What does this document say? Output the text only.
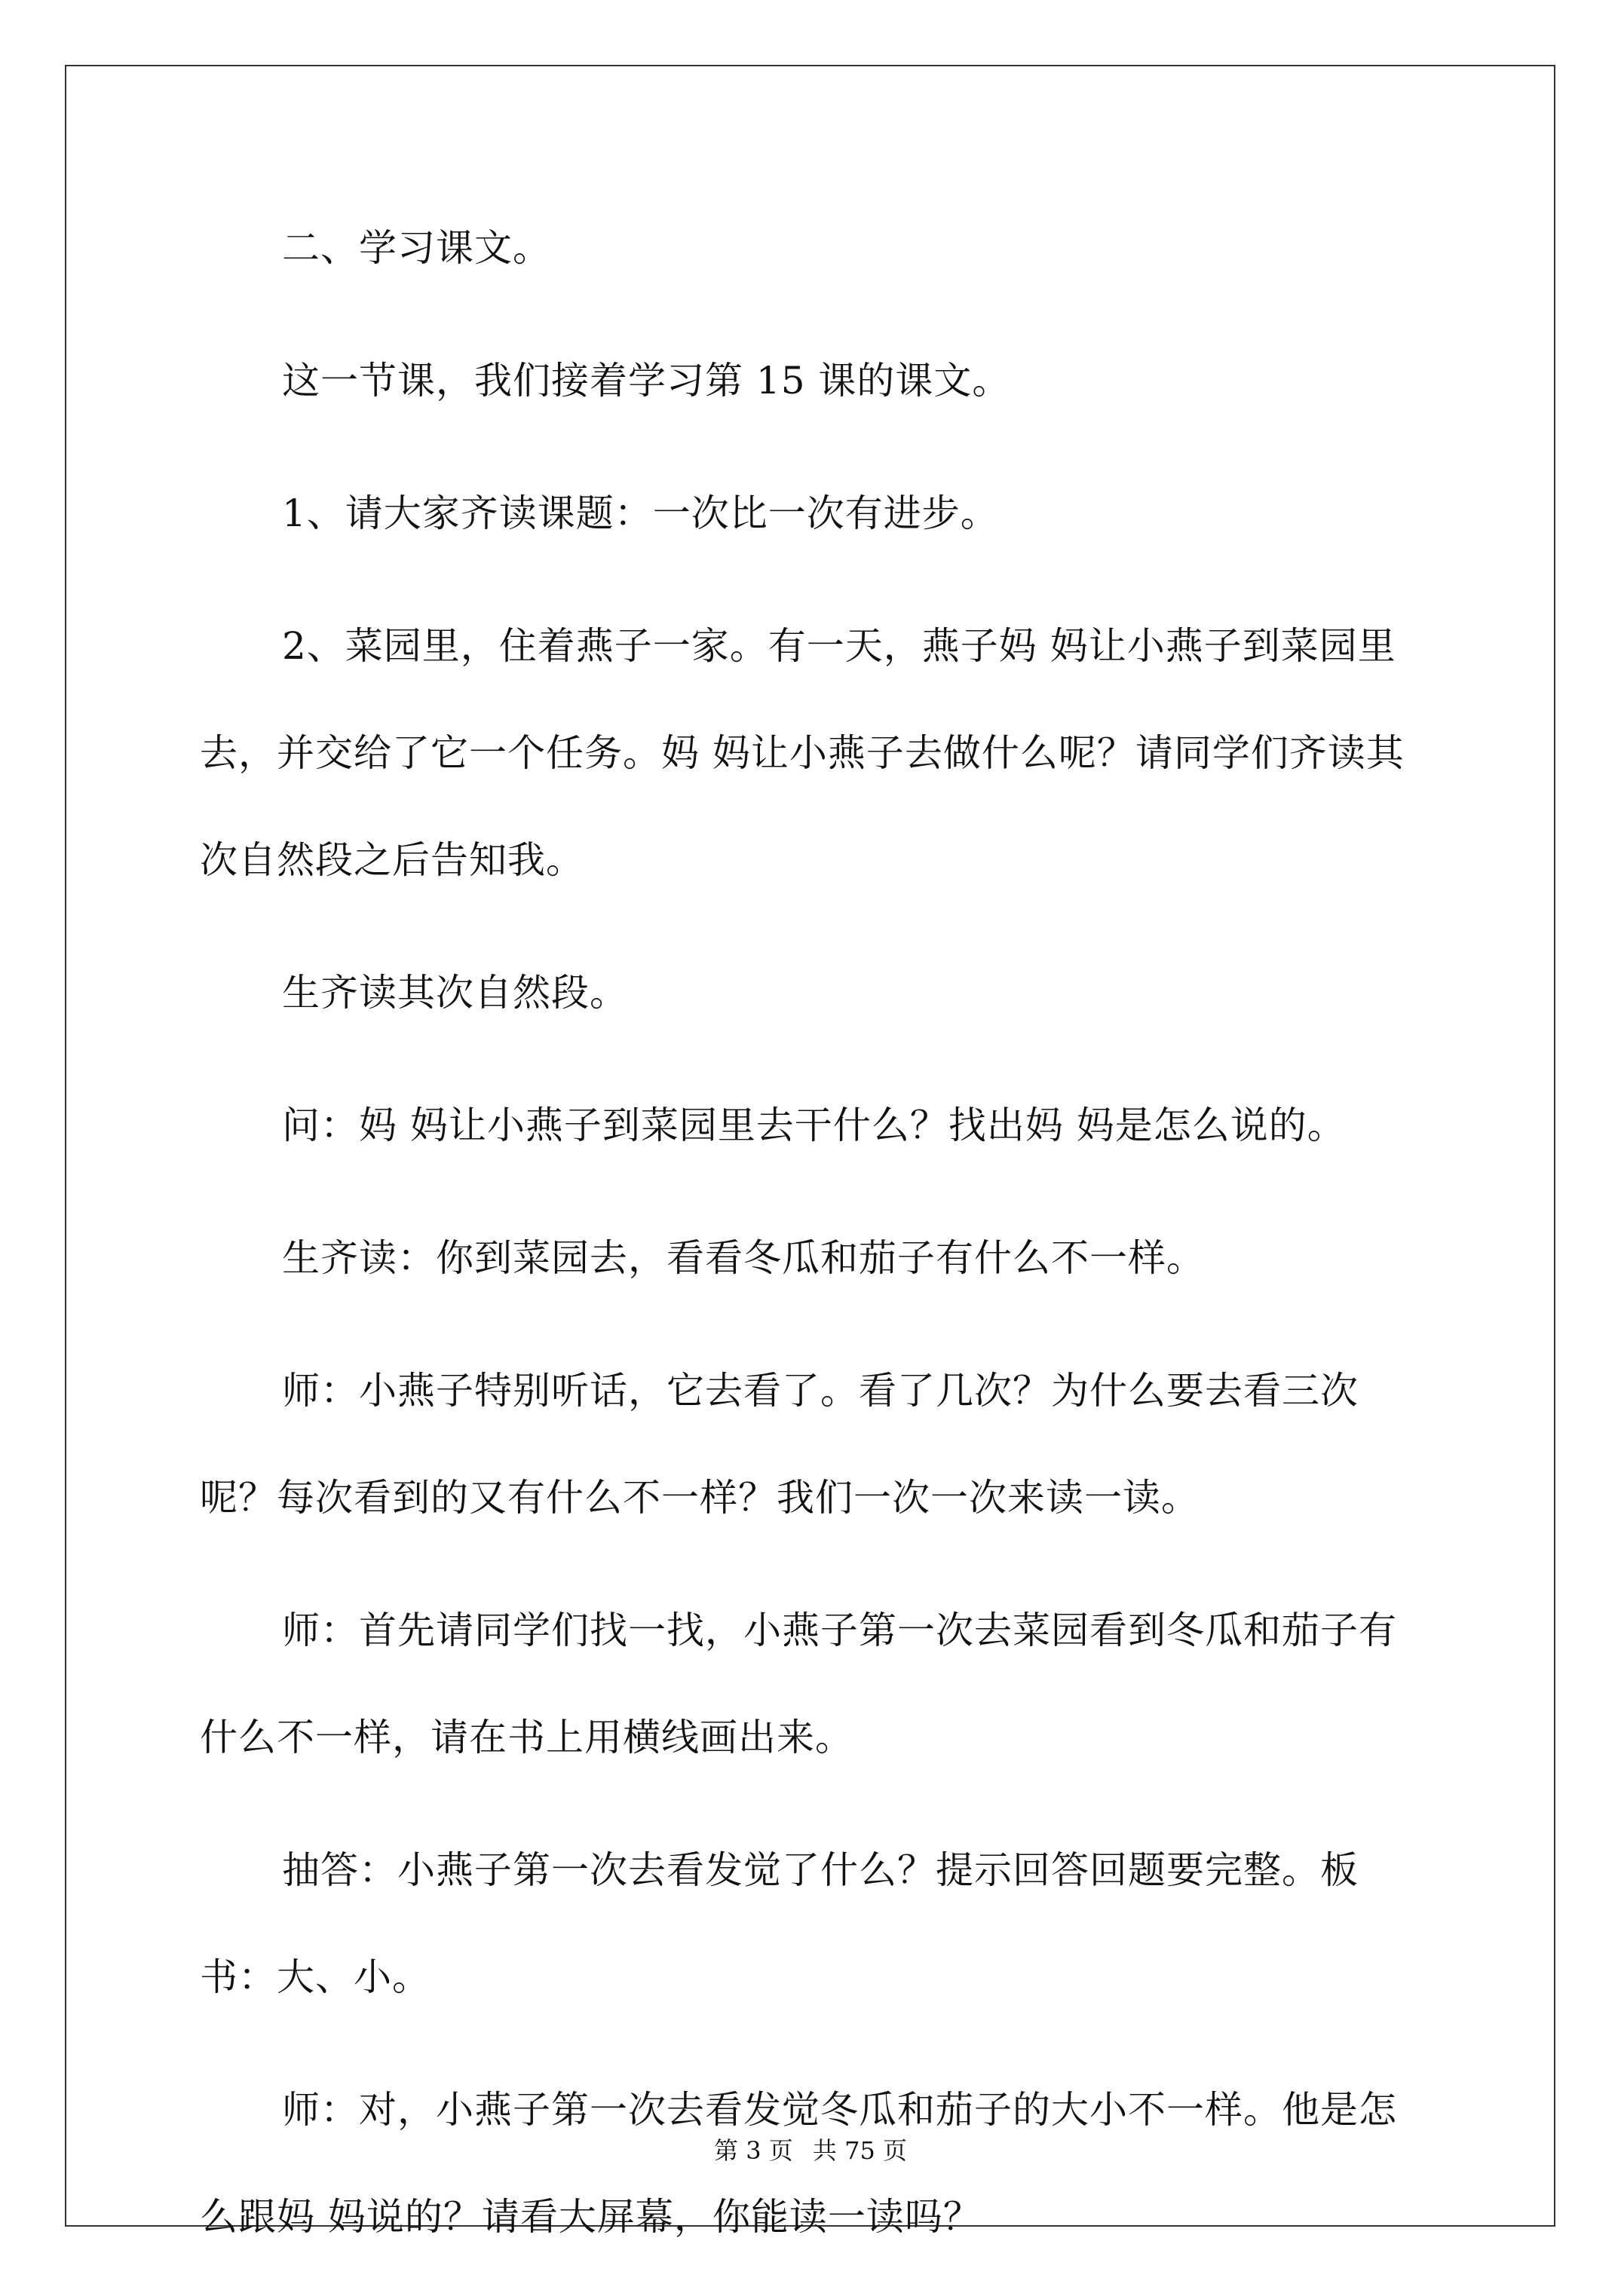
二、学习课文。

这一节课，我们接着学习第 15 课的课文。

1、请大家齐读课题：一次比一次有进步。

2、菜园里，住着燕子一家。有一天，燕子妈 妈让小燕子到菜园里去，并交给了它一个任务。妈 妈让小燕子去做什么呢？请同学们齐读其次自然段之后告知我。

生齐读其次自然段。

问：妈 妈让小燕子到菜园里去干什么？找出妈 妈是怎么说的。

生齐读：你到菜园去，看看冬瓜和茄子有什么不一样。

师：小燕子特别听话，它去看了。看了几次？为什么要去看三次呢？每次看到的又有什么不一样？我们一次一次来读一读。

师：首先请同学们找一找，小燕子第一次去菜园看到冬瓜和茄子有什么不一样，请在书上用横线画出来。

抽答：小燕子第一次去看发觉了什么？提示回答回题要完整。板书：大、小。

师：对，小燕子第一次去看发觉冬瓜和茄子的大小不一样。他是怎么跟妈 妈说的？请看大屏幕，你能读一读吗？

第 3 页 共 75 页
